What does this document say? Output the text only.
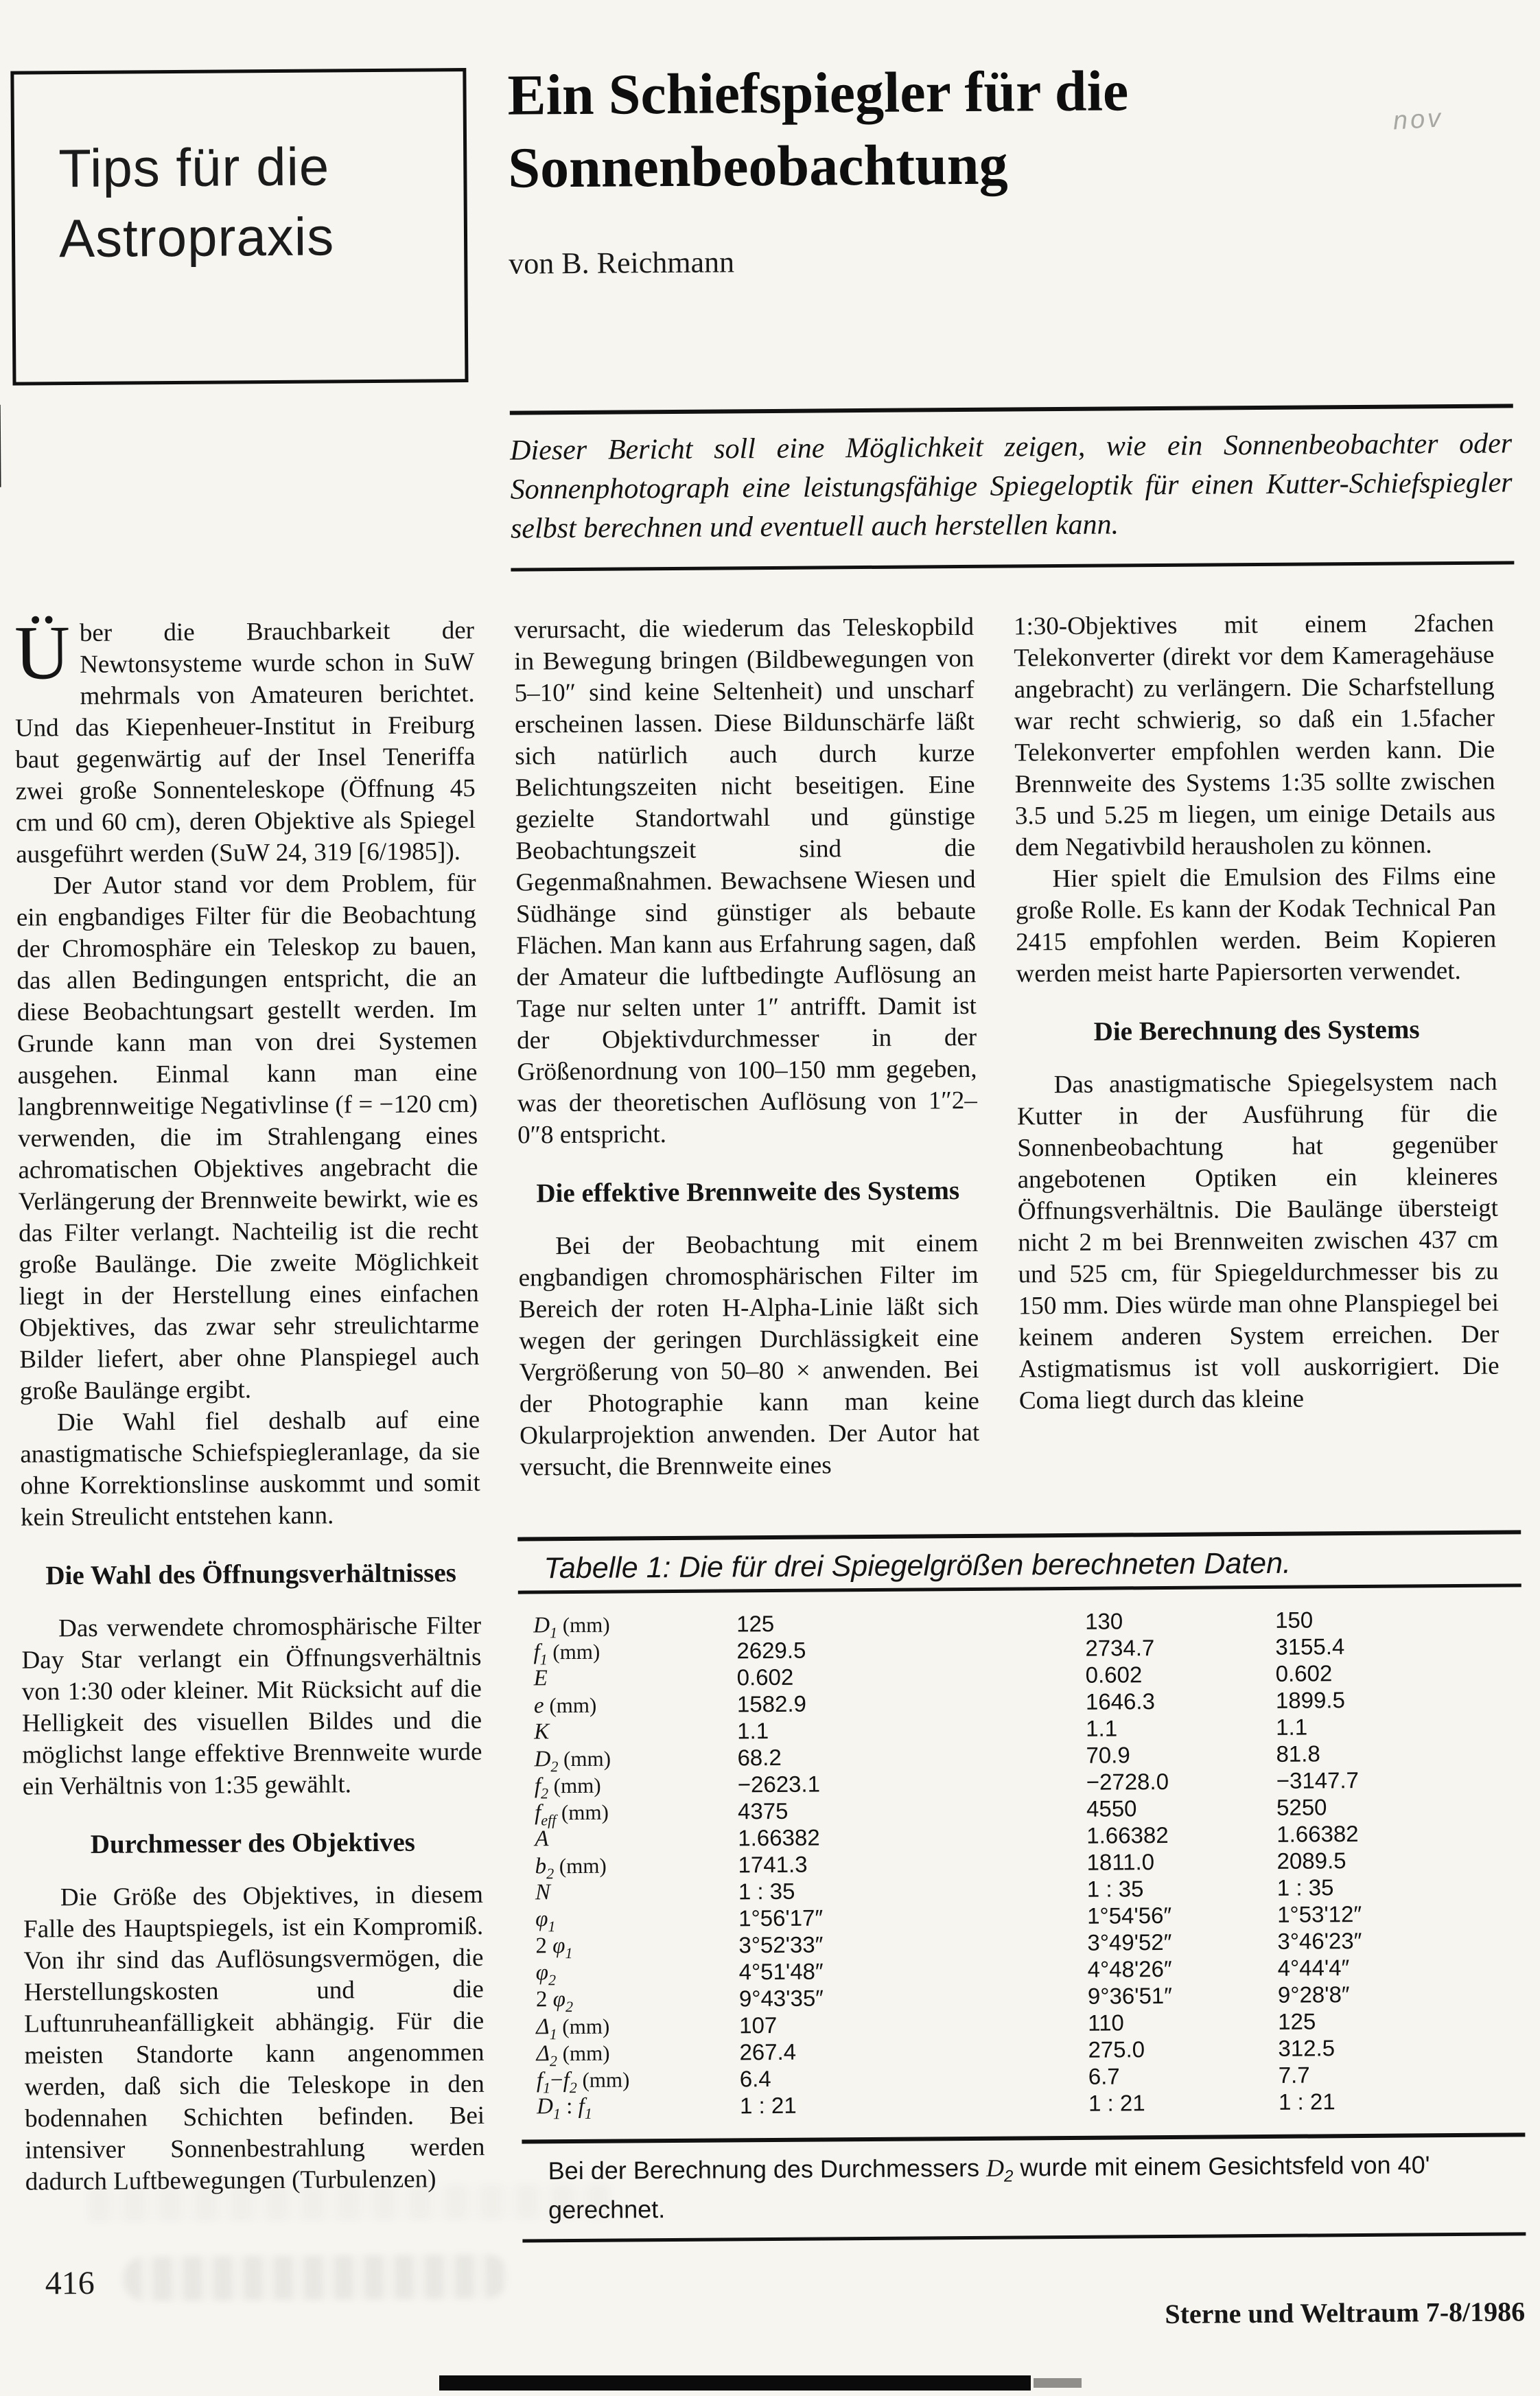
Tips für die
Astropraxis
nov
Ein Schiefspiegler für die
Sonnenbeobachtung
von B. Reichmann
Dieser Bericht soll eine Möglichkeit zeigen, wie ein Sonnenbeobachter oder Sonnenphotograph eine leistungsfähige Spiegeloptik für einen Kutter-Schiefspiegler selbst berechnen und eventuell auch herstellen kann.

Über die Brauchbarkeit der Newtonsysteme wurde schon in SuW mehrmals von Amateuren berichtet. Und das Kiepenheuer-Institut in Freiburg baut gegenwärtig auf der Insel Teneriffa zwei große Sonnenteleskope (Öffnung 45 cm und 60 cm), deren Objektive als Spiegel ausgeführt werden (SuW 24, 319 [6/1985]).

Der Autor stand vor dem Problem, für ein engbandiges Filter für die Beobachtung der Chromosphäre ein Teleskop zu bauen, das allen Bedingungen entspricht, die an diese Beobachtungsart gestellt werden. Im Grunde kann man von drei Systemen ausgehen. Einmal kann man eine langbrennweitige Negativlinse (f = −120 cm) verwenden, die im Strahlengang eines achromatischen Objektives angebracht die Verlängerung der Brennweite bewirkt, wie es das Filter verlangt. Nachteilig ist die recht große Baulänge. Die zweite Möglichkeit liegt in der Herstellung eines einfachen Objektives, das zwar sehr streulichtarme Bilder liefert, aber ohne Planspiegel auch große Baulänge ergibt.

Die Wahl fiel deshalb auf eine anastigmatische Schiefspiegleranlage, da sie ohne Korrektionslinse auskommt und somit kein Streulicht entstehen kann.

Die Wahl des Öffnungsverhältnisses

Das verwendete chromosphärische Filter Day Star verlangt ein Öffnungsverhältnis von 1:30 oder kleiner. Mit Rücksicht auf die Helligkeit des visuellen Bildes und die möglichst lange effektive Brennweite wurde ein Verhältnis von 1:35 gewählt.

Durchmesser des Objektives

Die Größe des Objektives, in diesem Falle des Hauptspiegels, ist ein Kompromiß. Von ihr sind das Auflösungsvermögen, die Herstellungskosten und die Luftunruheanfälligkeit abhängig. Für die meisten Standorte kann angenommen werden, daß sich die Teleskope in den bodennahen Schichten befinden. Bei intensiver Sonnenbestrahlung werden dadurch Luftbewegungen (Turbulenzen)

verursacht, die wiederum das Teleskopbild in Bewegung bringen (Bildbewegungen von 5–10″ sind keine Seltenheit) und unscharf erscheinen lassen. Diese Bildunschärfe läßt sich natürlich auch durch kurze Belichtungszeiten nicht beseitigen. Eine gezielte Standortwahl und günstige Beobachtungszeit sind die Gegenmaßnahmen. Bewachsene Wiesen und Südhänge sind günstiger als bebaute Flächen. Man kann aus Erfahrung sagen, daß der Amateur die luftbedingte Auflösung an Tage nur selten unter 1″ antrifft. Damit ist der Objektivdurchmesser in der Größenordnung von 100–150 mm gegeben, was der theoretischen Auflösung von 1″2–0″8 entspricht.

Die effektive Brennweite des Systems

Bei der Beobachtung mit einem engbandigen chromosphärischen Filter im Bereich der roten H-Alpha-Linie läßt sich wegen der geringen Durchlässigkeit eine Vergrößerung von 50–80 × anwenden. Bei der Photographie kann man keine Okularprojektion anwenden. Der Autor hat versucht, die Brennweite eines

1:30-Objektives mit einem 2fachen Telekonverter (direkt vor dem Kameragehäuse angebracht) zu verlängern. Die Scharfstellung war recht schwierig, so daß ein 1.5facher Telekonverter empfohlen werden kann. Die Brennweite des Systems 1:35 sollte zwischen 3.5 und 5.25 m liegen, um einige Details aus dem Negativbild herausholen zu können.

Hier spielt die Emulsion des Films eine große Rolle. Es kann der Kodak Technical Pan 2415 empfohlen werden. Beim Kopieren werden meist harte Papiersorten verwendet.

Die Berechnung des Systems

Das anastigmatische Spiegelsystem nach Kutter in der Ausführung für die Sonnenbeobachtung hat gegenüber angebotenen Optiken ein kleineres Öffnungsverhältnis. Die Baulänge übersteigt nicht 2 m bei Brennweiten zwischen 437 cm und 525 cm, für Spiegeldurchmesser bis zu 150 mm. Dies würde man ohne Planspiegel bei keinem anderen System erreichen. Der Astigmatismus ist voll auskorrigiert. Die Coma liegt durch das kleine

Tabelle 1: Die für drei Spiegelgrößen berechneten Daten.
$D_1$ (mm)	125	130	150
$f_1$ (mm)	2629.5	2734.7	3155.4
E	0.602	0.602	0.602
e (mm)	1582.9	1646.3	1899.5
K	1.1	1.1	1.1
$D_2$ (mm)	68.2	70.9	81.8
$f_2$ (mm)	−2623.1	−2728.0	−3147.7
$f_{eff}$ (mm)	4375	4550	5250
A	1.66382	1.66382	1.66382
$b_2$ (mm)	1741.3	1811.0	2089.5
N	1 : 35	1 : 35	1 : 35
$\varphi_1$	1°56'17″	1°54'56″	1°53'12″
2 $\varphi_1$	3°52'33″	3°49'52″	3°46'23″
$\varphi_2$	4°51'48″	4°48'26″	4°44'4″
2 $\varphi_2$	9°43'35″	9°36'51″	9°28'8″
$\Delta_1$ (mm)	107	110	125
$\Delta_2$ (mm)	267.4	275.0	312.5
$f_1-f_2$ (mm)	6.4	6.7	7.7
$D_1$ : $f_1$	1 : 21	1 : 21	1 : 21
Bei der Berechnung des Durchmessers $D_2$ wurde mit einem Gesichtsfeld von 40' gerechnet.
416
Sterne und Weltraum 7-8/1986
